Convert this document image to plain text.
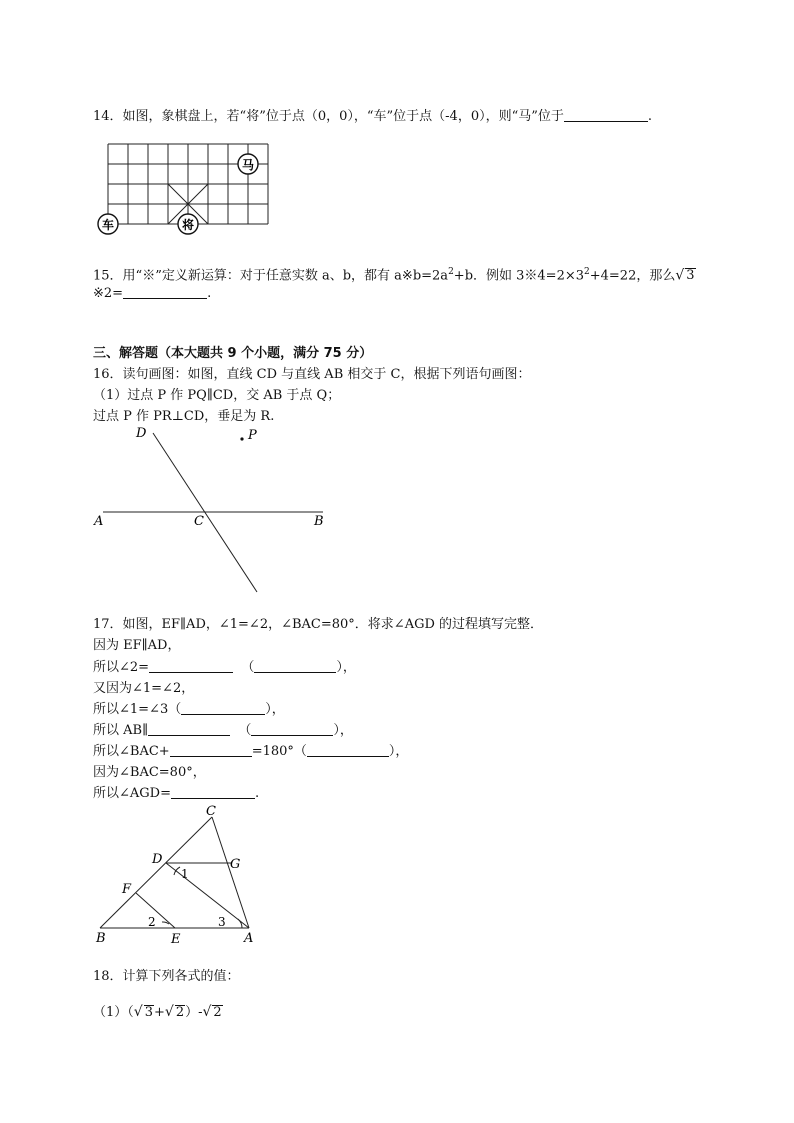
14．如图，象棋盘上，若“将”位于点（0，0），“车”位于点（-4，0），则“马”位于	.
马
车	将
15．用“※”定义新运算：对于任意实数 a、b，都有 $a※b=2a^2+b$．例如 $3※4=2\times 3^2+4=22$，那么√ 3
※2=	.
三、解答题（本大题共 9 个小题，满分 75 分）
16．读句画图：如图，直线 CD 与直线 AB 相交于 C，根据下列语句画图：
（1）过点 P 作 PQ∥CD，交 AB 于点 Q；
过点 P 作 PR⊥CD，垂足为 R.
D	P
A	C	B
17．如图，EF∥AD，∠1=∠2，∠BAC=80°．将求∠AGD 的过程填写完整．
因为 EF∥AD，
所以∠2=	（	），
又因为∠1=∠2，
所以∠1=∠3（	），
所以 AB∥	（	），
所以∠BAC+	=180°（	），
因为∠BAC=80°，
所以∠AGD=	.
C
D	G
F
B	E	A
1
2	3
18．计算下列各式的值：
（1）（√ 3+√ 2）-√ 2
